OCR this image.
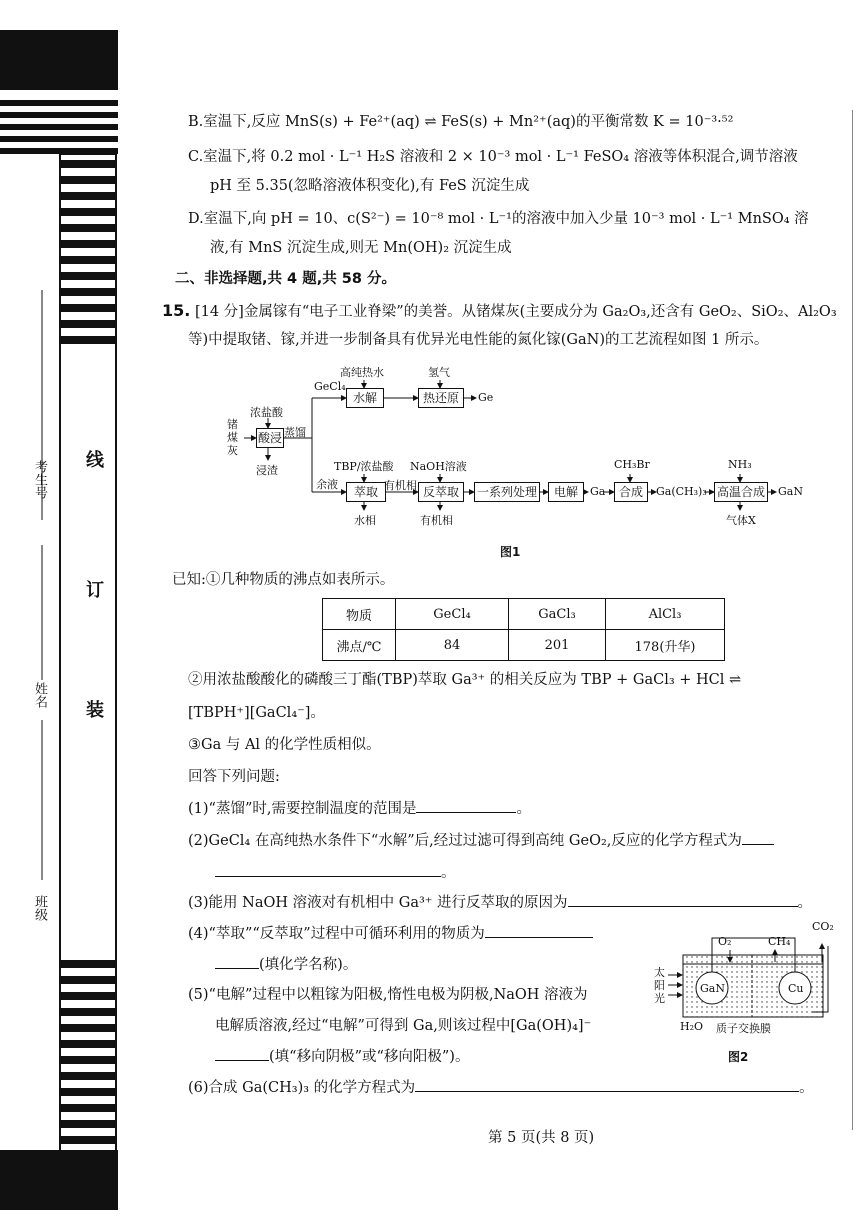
考生号
姓名
班级
线
订
装
B.室温下,反应 MnS(s) + Fe²⁺(aq) ⇌ FeS(s) + Mn²⁺(aq)的平衡常数 K = 10⁻³·⁵²
C.室温下,将 0.2 mol · L⁻¹ H₂S 溶液和 2 × 10⁻³ mol · L⁻¹ FeSO₄ 溶液等体积混合,调节溶液
pH 至 5.35(忽略溶液体积变化),有 FeS 沉淀生成
D.室温下,向 pH = 10、c(S²⁻) = 10⁻⁸ mol · L⁻¹的溶液中加入少量 10⁻³ mol · L⁻¹ MnSO₄ 溶
液,有 MnS 沉淀生成,则无 Mn(OH)₂ 沉淀生成
二、非选择题,共 4 题,共 58 分。
15. [14 分]金属镓有“电子工业脊梁”的美誉。从锗煤灰(主要成分为 Ga₂O₃,还含有 GeO₂、SiO₂、Al₂O₃
等)中提取锗、镓,并进一步制备具有优异光电性能的氮化镓(GaN)的工艺流程如图 1 所示。
锗煤灰
浓盐酸
酸浸
浸渣
蒸馏
GeCl₄
高纯热水
水解
氢气
热还原	Ge
余液
TBP/浓盐酸
萃取
水相
有机相
NaOH溶液
反萃取
有机相
一系列处理	电解	Ga
CH₃Br
合成	Ga(CH₃)₃
NH₃
高温合成
气体X
GaN
图1
已知:①几种物质的沸点如表所示。
物质	GeCl₄	GaCl₃	AlCl₃
沸点/℃	84	201	178(升华)
②用浓盐酸酸化的磷酸三丁酯(TBP)萃取 Ga³⁺ 的相关反应为 TBP + GaCl₃ + HCl ⇌
[TBPH⁺][GaCl₄⁻]。
③Ga 与 Al 的化学性质相似。
回答下列问题:
(1)“蒸馏”时,需要控制温度的范围是	。
(2)GeCl₄ 在高纯热水条件下“水解”后,经过过滤可得到高纯 GeO₂,反应的化学方程式为
。
(3)能用 NaOH 溶液对有机相中 Ga³⁺ 进行反萃取的原因为	。
(4)“萃取”“反萃取”过程中可循环利用的物质为
(填化学名称)。
(5)“电解”过程中以粗镓为阳极,惰性电极为阴极,NaOH 溶液为
电解质溶液,经过“电解”可得到 Ga,则该过程中[Ga(OH)₄]⁻
(填“移向阴极”或“移向阳极”)。
(6)合成 Ga(CH₃)₃ 的化学方程式为	。
O₂	CH₄
CO₂
太阳光
GaN	Cu
H₂O 质子交换膜
图2
第 5 页(共 8 页)
